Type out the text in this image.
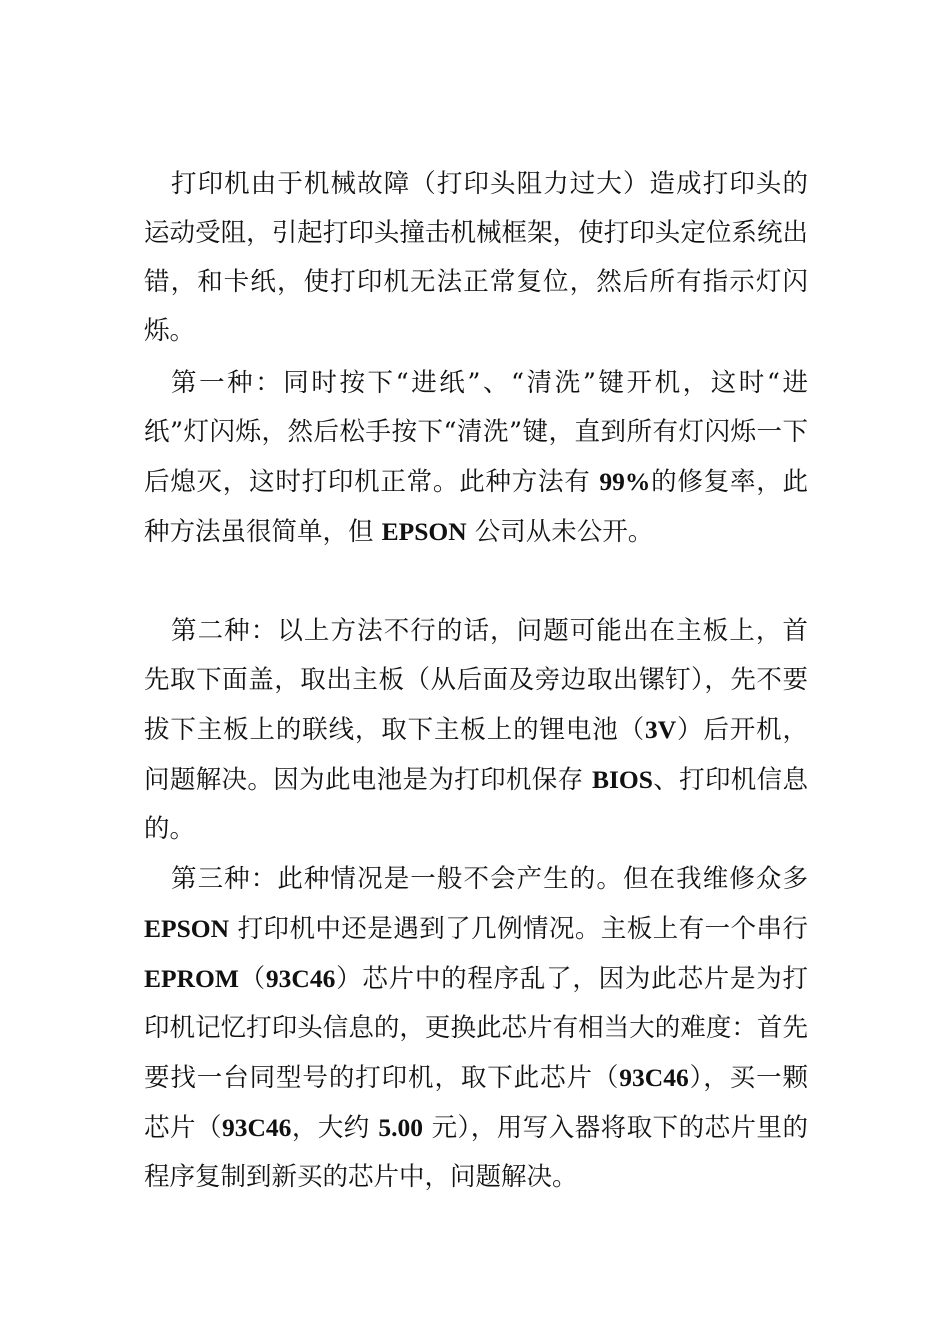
打印机由于机械故障（打印头阻力过大）造成打印头的运动受阻，引起打印头撞击机械框架，使打印头定位系统出错，和卡纸，使打印机无法正常复位，然后所有指示灯闪烁。

第一种：同时按下“进纸”、“清洗”键开机，这时“进纸”灯闪烁，然后松手按下“清洗”键，直到所有灯闪烁一下后熄灭，这时打印机正常。此种方法有 99%的修复率，此种方法虽很简单，但 EPSON 公司从未公开。

第二种：以上方法不行的话，问题可能出在主板上，首先取下面盖，取出主板（从后面及旁边取出镙钉），先不要拔下主板上的联线，取下主板上的锂电池（3V）后开机，问题解决。因为此电池是为打印机保存 BIOS、打印机信息的。

第三种：此种情况是一般不会产生的。但在我维修众多 EPSON 打印机中还是遇到了几例情况。主板上有一个串行 EPROM（93C46）芯片中的程序乱了，因为此芯片是为打印机记忆打印头信息的，更换此芯片有相当大的难度：首先要找一台同型号的打印机，取下此芯片（93C46），买一颗芯片（93C46，大约 5.00 元），用写入器将取下的芯片里的程序复制到新买的芯片中，问题解决。
